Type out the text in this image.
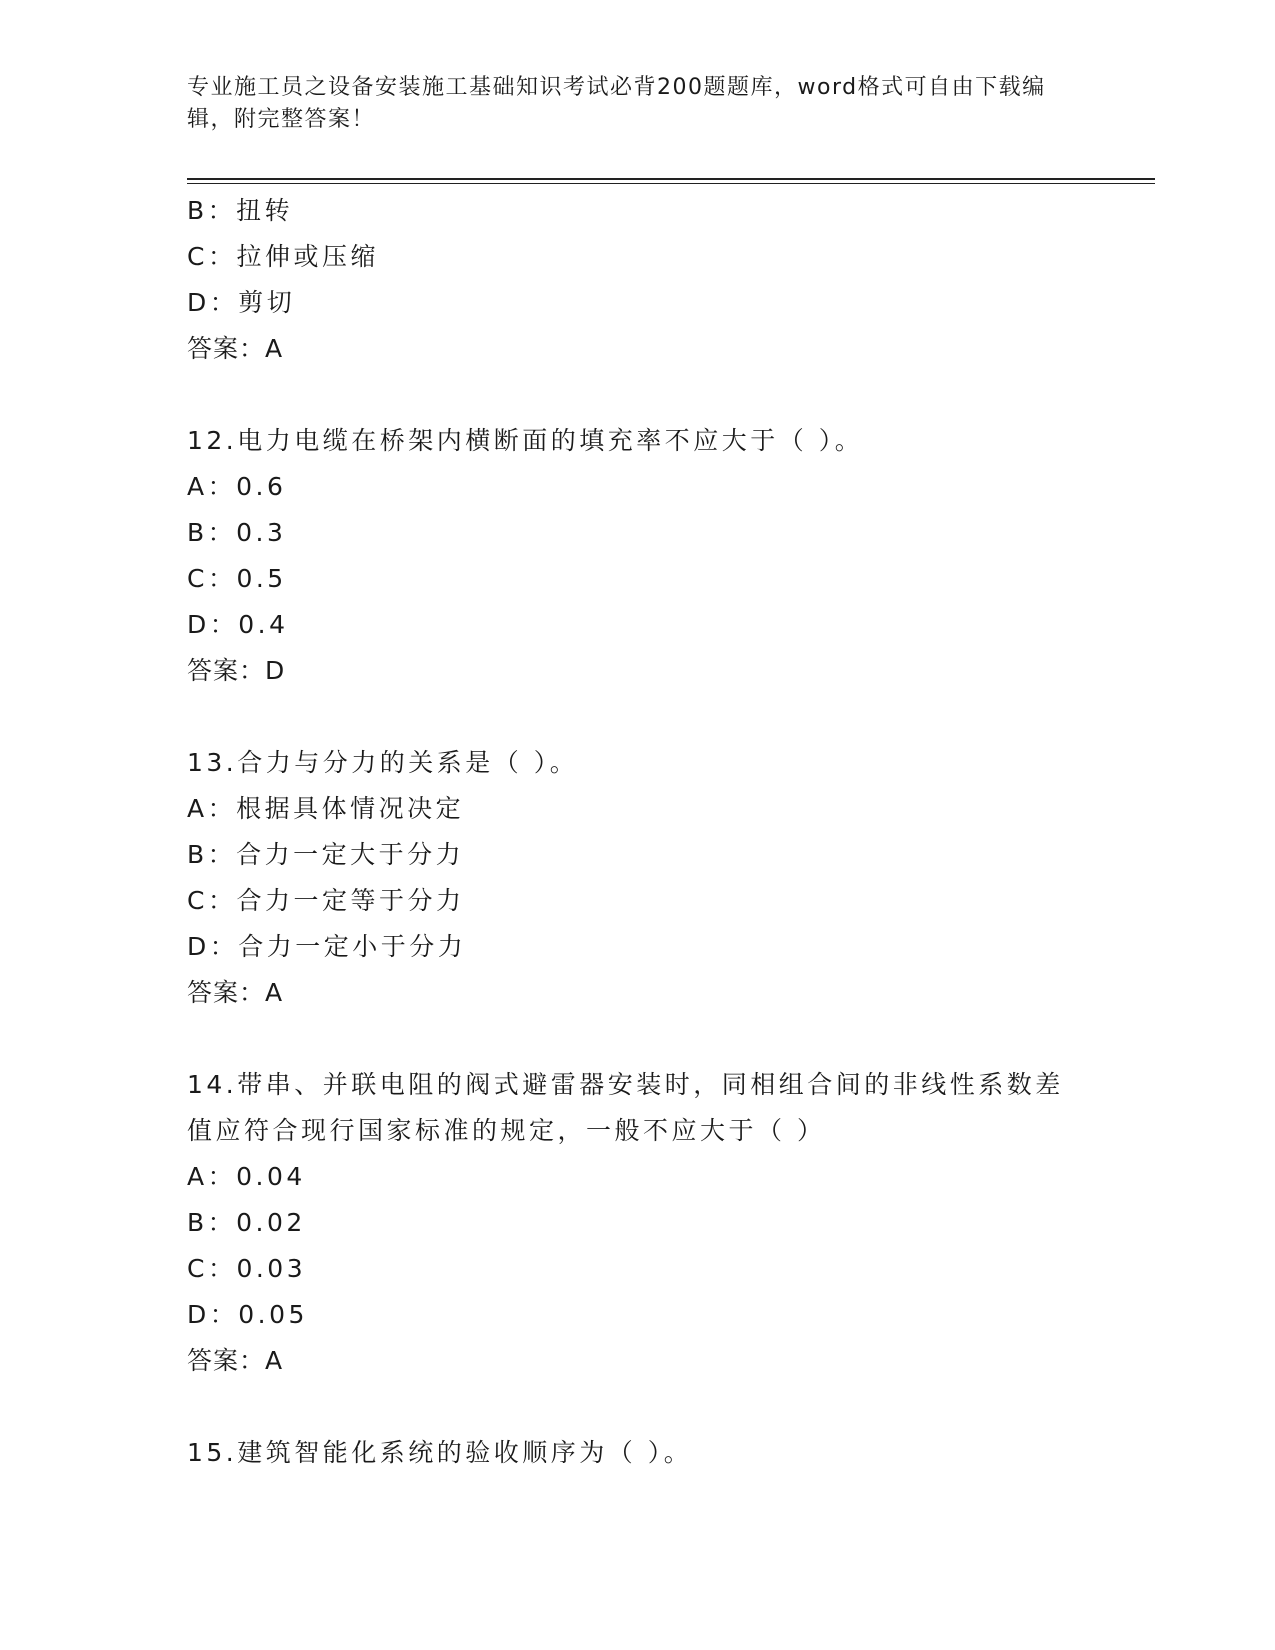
专业施工员之设备安装施工基础知识考试必背200题题库，word格式可自由下载编辑，附完整答案！
B：扭转
C：拉伸或压缩
D：剪切
答案：A
12.电力电缆在桥架内横断面的填充率不应大于（ ）。
A：0.6
B：0.3
C：0.5
D：0.4
答案：D
13.合力与分力的关系是（ ）。
A：根据具体情况决定
B：合力一定大于分力
C：合力一定等于分力
D：合力一定小于分力
答案：A
14.带串、并联电阻的阀式避雷器安装时，同相组合间的非线性系数差
值应符合现行国家标准的规定，一般不应大于（ ）
A：0.04
B：0.02
C：0.03
D：0.05
答案：A
15.建筑智能化系统的验收顺序为（ ）。
